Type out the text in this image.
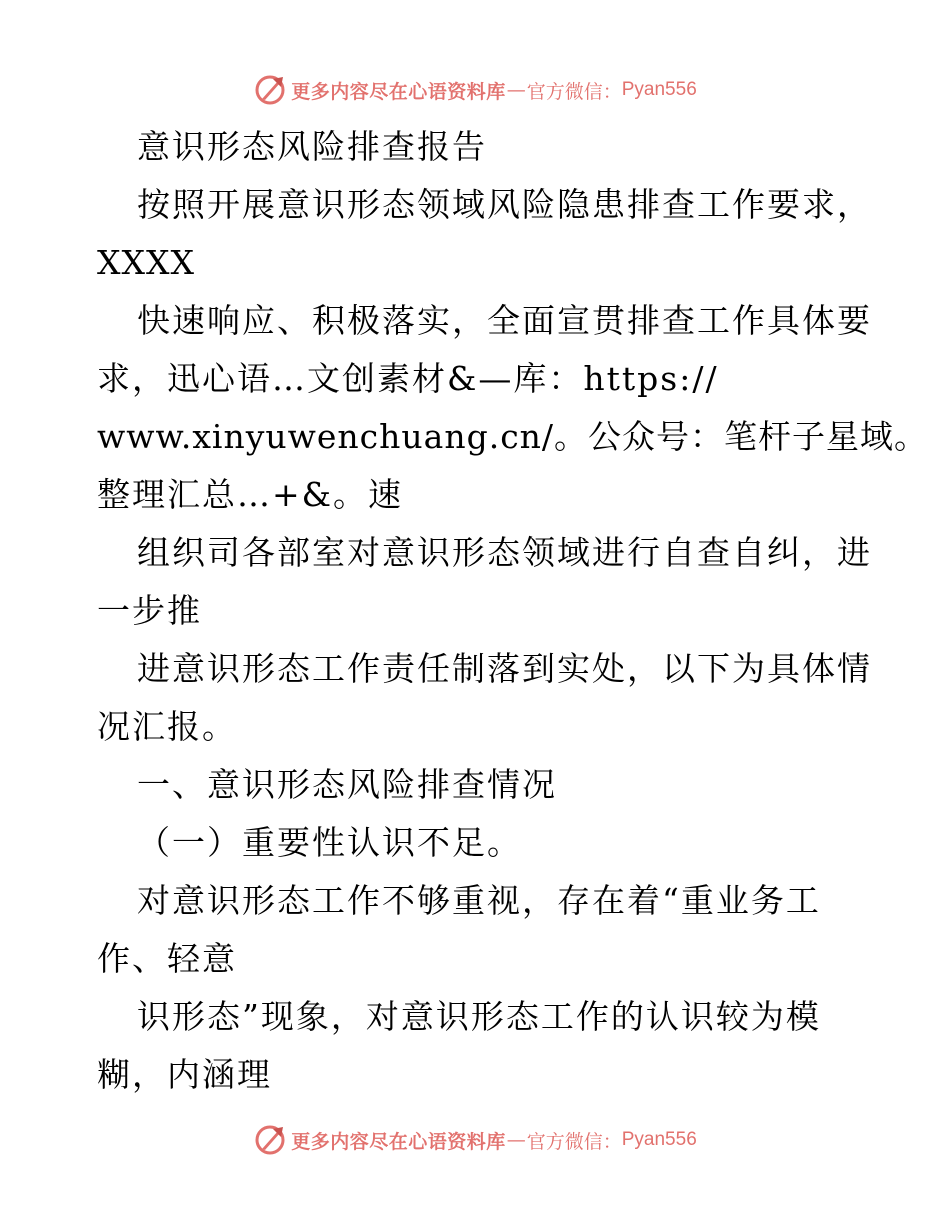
更多内容尽在心语资料库 — 官方微信： Pyan556
意识形态风险排查报告
按照开展意识形态领域风险隐患排查工作要求，
XXXX
快速响应、积极落实，全面宣贯排查工作具体要
求，迅心语…文创素材&—库：https://
www.xinyuwenchuang.cn/。公众号：笔杆子星域。
整理汇总…+&。速
组织司各部室对意识形态领域进行自查自纠，进
一步推
进意识形态工作责任制落到实处，以下为具体情
况汇报。
一、意识形态风险排查情况
（一）重要性认识不足。
对意识形态工作不够重视，存在着“重业务工
作、轻意
识形态”现象，对意识形态工作的认识较为模
糊，内涵理
更多内容尽在心语资料库 — 官方微信： Pyan556
